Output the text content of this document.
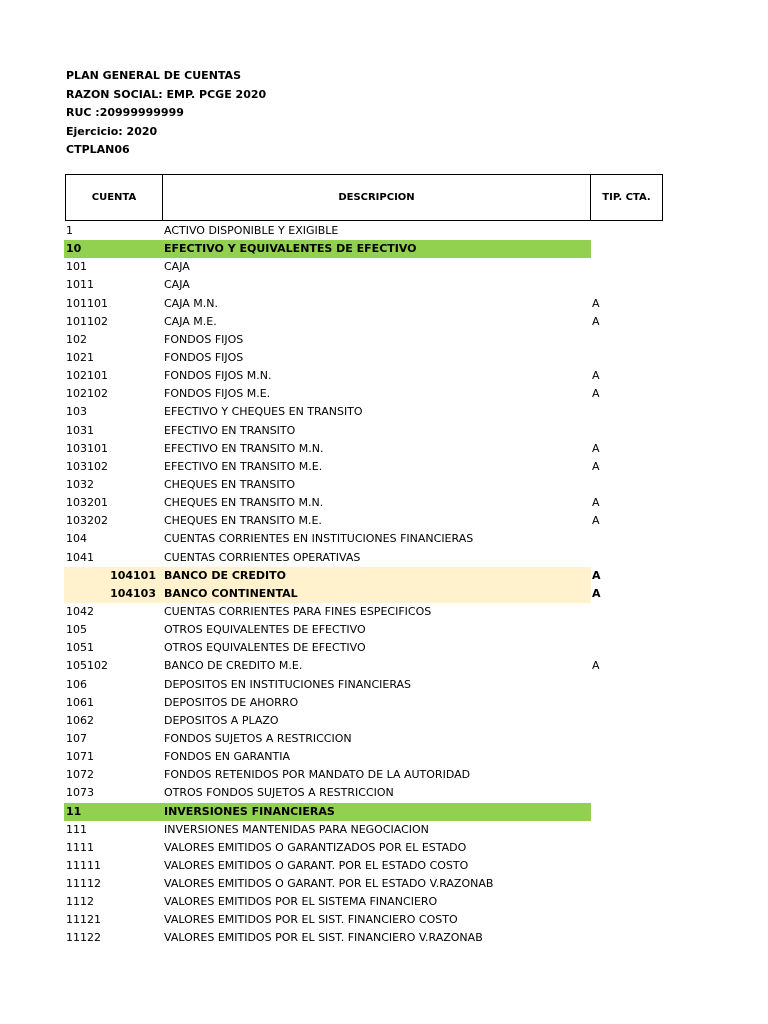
PLAN GENERAL DE CUENTAS
RAZON SOCIAL: EMP. PCGE 2020
RUC :20999999999
Ejercicio: 2020
CTPLAN06
CUENTA	DESCRIPCION	TIP. CTA.
1	ACTIVO DISPONIBLE Y EXIGIBLE
10	EFECTIVO Y EQUIVALENTES DE EFECTIVO
101	CAJA
1011	CAJA
101101	CAJA M.N.	A
101102	CAJA M.E.	A
102	FONDOS FIJOS
1021	FONDOS FIJOS
102101	FONDOS FIJOS M.N.	A
102102	FONDOS FIJOS M.E.	A
103	EFECTIVO Y CHEQUES EN TRANSITO
1031	EFECTIVO EN TRANSITO
103101	EFECTIVO EN TRANSITO M.N.	A
103102	EFECTIVO EN TRANSITO M.E.	A
1032	CHEQUES EN TRANSITO
103201	CHEQUES EN TRANSITO M.N.	A
103202	CHEQUES EN TRANSITO M.E.	A
104	CUENTAS CORRIENTES EN INSTITUCIONES FINANCIERAS
1041	CUENTAS CORRIENTES OPERATIVAS
104101 BANCO DE CREDITO	A
104103 BANCO CONTINENTAL	A
1042	CUENTAS CORRIENTES PARA FINES ESPECIFICOS
105	OTROS EQUIVALENTES DE EFECTIVO
1051	OTROS EQUIVALENTES DE EFECTIVO
105102	BANCO DE CREDITO M.E.	A
106	DEPOSITOS EN INSTITUCIONES FINANCIERAS
1061	DEPOSITOS DE AHORRO
1062	DEPOSITOS A PLAZO
107	FONDOS SUJETOS A RESTRICCION
1071	FONDOS EN GARANTIA
1072	FONDOS RETENIDOS POR MANDATO DE LA AUTORIDAD
1073	OTROS FONDOS SUJETOS A RESTRICCION
11	INVERSIONES FINANCIERAS
111	INVERSIONES MANTENIDAS PARA NEGOCIACION
1111	VALORES EMITIDOS O GARANTIZADOS POR EL ESTADO
11111	VALORES EMITIDOS O GARANT. POR EL ESTADO COSTO
11112	VALORES EMITIDOS O GARANT. POR EL ESTADO V.RAZONAB
1112	VALORES EMITIDOS POR EL SISTEMA FINANCIERO
11121	VALORES EMITIDOS POR EL SIST. FINANCIERO COSTO
11122	VALORES EMITIDOS POR EL SIST. FINANCIERO V.RAZONAB
